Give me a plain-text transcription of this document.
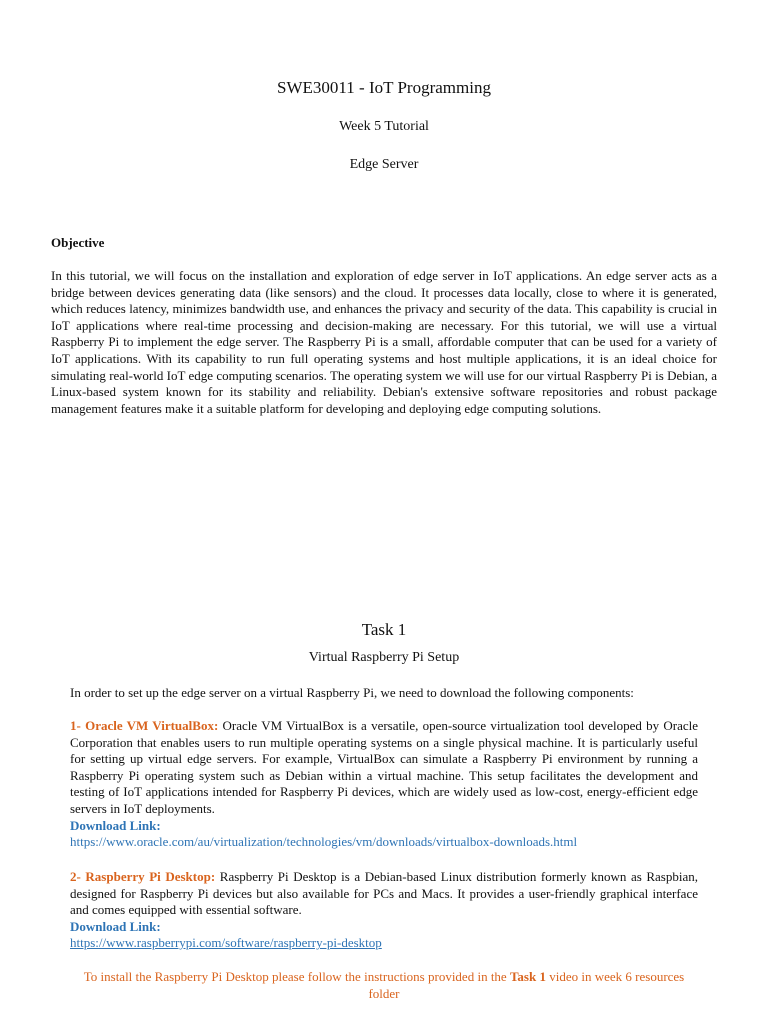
SWE30011 - IoT Programming
Week 5 Tutorial
Edge Server
Objective

In this tutorial, we will focus on the installation and exploration of edge server in IoT applications. An edge server acts as a bridge between devices generating data (like sensors) and the cloud. It processes data locally, close to where it is generated, which reduces latency, minimizes bandwidth use, and enhances the privacy and security of the data. This capability is crucial in IoT applications where real-time processing and decision-making are necessary. For this tutorial, we will use a virtual Raspberry Pi to implement the edge server. The Raspberry Pi is a small, affordable computer that can be used for a variety of IoT applications. With its capability to run full operating systems and host multiple applications, it is an ideal choice for simulating real-world IoT edge computing scenarios. The operating system we will use for our virtual Raspberry Pi is Debian, a Linux-based system known for its stability and reliability. Debian's extensive software repositories and robust package management features make it a suitable platform for developing and deploying edge computing solutions.

Task 1
Virtual Raspberry Pi Setup

In order to set up the edge server on a virtual Raspberry Pi, we need to download the following components:

1- Oracle VM VirtualBox: Oracle VM VirtualBox is a versatile, open-source virtualization tool developed by Oracle Corporation that enables users to run multiple operating systems on a single physical machine. It is particularly useful for setting up virtual edge servers. For example, VirtualBox can simulate a Raspberry Pi environment by running a Raspberry Pi operating system such as Debian within a virtual machine. This setup facilitates the development and testing of IoT applications intended for Raspberry Pi devices, which are widely used as low-cost, energy-efficient edge servers in IoT deployments.
Download Link:
https://www.oracle.com/au/virtualization/technologies/vm/downloads/virtualbox-downloads.html
2- Raspberry Pi Desktop: Raspberry Pi Desktop is a Debian-based Linux distribution formerly known as Raspbian, designed for Raspberry Pi devices but also available for PCs and Macs. It provides a user-friendly graphical interface and comes equipped with essential software.
Download Link:
https://www.raspberrypi.com/software/raspberry-pi-desktop

To install the Raspberry Pi Desktop please follow the instructions provided in the Task 1 video in week 6 resources folder
